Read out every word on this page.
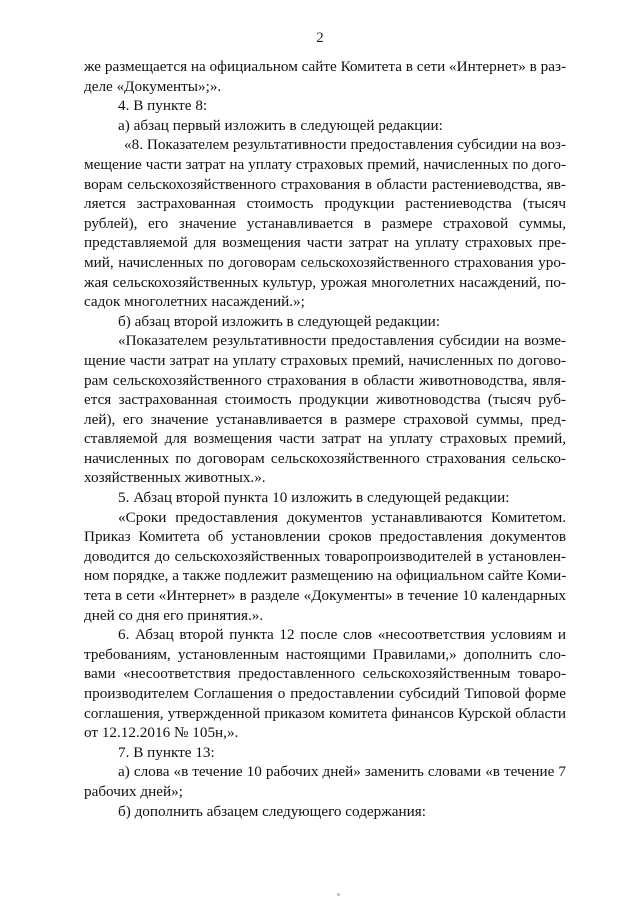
2
же размещается на официальном сайте Комитета в сети «Интернет» в раз-
деле «Документы»;».
4. В пункте 8:
а) абзац первый изложить в следующей редакции:
«8. Показателем результативности предоставления субсидии на воз-
мещение части затрат на уплату страховых премий, начисленных по дого-
ворам сельскохозяйственного страхования в области растениеводства, яв-
ляется застрахованная стоимость продукции растениеводства (тысяч
рублей), его значение устанавливается в размере страховой суммы,
представляемой для возмещения части затрат на уплату страховых пре-
мий, начисленных по договорам сельскохозяйственного страхования уро-
жая сельскохозяйственных культур, урожая многолетних насаждений, по-
садок многолетних насаждений.»;
б) абзац второй изложить в следующей редакции:
«Показателем результативности предоставления субсидии на возме-
щение части затрат на уплату страховых премий, начисленных по догово-
рам сельскохозяйственного страхования в области животноводства, явля-
ется застрахованная стоимость продукции животноводства (тысяч руб-
лей), его значение устанавливается в размере страховой суммы, пред-
ставляемой для возмещения части затрат на уплату страховых премий,
начисленных по договорам сельскохозяйственного страхования сельско-
хозяйственных животных.».
5. Абзац второй пункта 10 изложить в следующей редакции:
«Сроки предоставления документов устанавливаются Комитетом.
Приказ Комитета об установлении сроков предоставления документов
доводится до сельскохозяйственных товаропроизводителей в установлен-
ном порядке, а также подлежит размещению на официальном сайте Коми-
тета в сети «Интернет» в разделе «Документы» в течение 10 календарных
дней со дня его принятия.».
6. Абзац второй пункта 12 после слов «несоответствия условиям и
требованиям, установленным настоящими Правилами,» дополнить сло-
вами «несоответствия предоставленного сельскохозяйственным товаро-
производителем Соглашения о предоставлении субсидий Типовой форме
соглашения, утвержденной приказом комитета финансов Курской области
от 12.12.2016 № 105н,».
7. В пункте 13:
а) слова «в течение 10 рабочих дней» заменить словами «в течение 7
рабочих дней»;
б) дополнить абзацем следующего содержания:
